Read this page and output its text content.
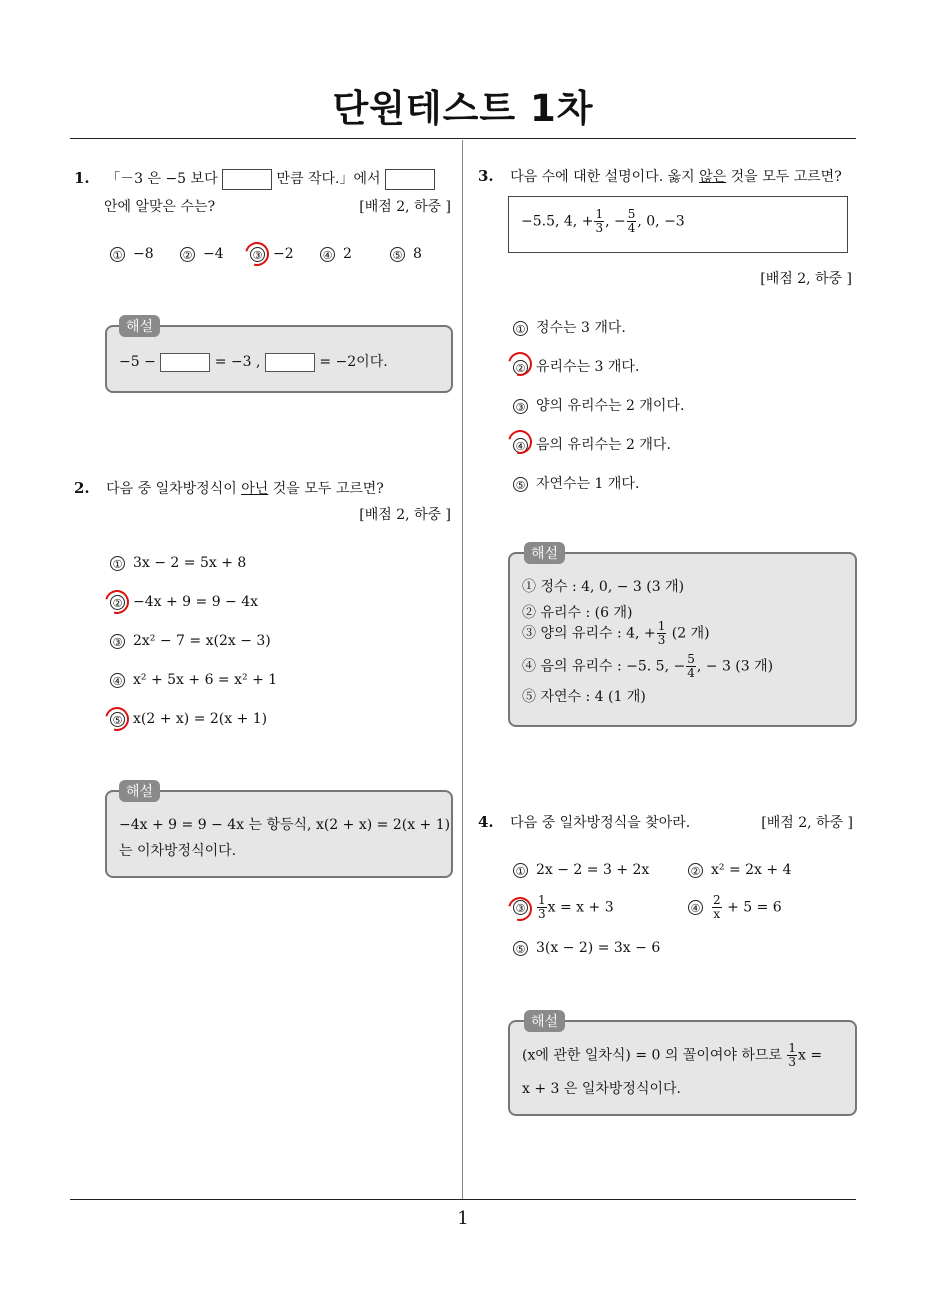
단원테스트 1차
1. 「－3 은 −5 보다	만큼 작다.」에서
안에 알맞은 수는?	[배점 2, 하중 ]
① −8	② −4	③ −2	④ 2	⑤ 8
해설
−5 −	= −3 ,	= −2이다.
2. 다음 중 일차방정식이 아닌 것을 모두 고르면?
[배점 2, 하중 ]
① 3x − 2 = 5x + 8
② −4x + 9 = 9 − 4x
③ 2x² − 7 = x(2x − 3)
④ x² + 5x + 6 = x² + 1
⑤ x(2 + x) = 2(x + 1)
해설
−4x + 9 = 9 − 4x 는 항등식, x(2 + x) = 2(x + 1)
는 이차방정식이다.
3. 다음 수에 대한 설명이다. 옳지 않은 것을 모두 고르면?
−5.5, 4, + $\frac{1}{3}$ , − $\frac{5}{4}$ , 0, −3
[배점 2, 하중 ]
① 정수는 3 개다.
② 유리수는 3 개다.
③ 양의 유리수는 2 개이다.
④ 음의 유리수는 2 개다.
⑤ 자연수는 1 개다.
해설
① 정수 : 4, 0, − 3 (3 개)
② 유리수 : (6 개)
③ 양의 유리수 : 4, + $\frac{1}{3} (2$ 개)
④ 음의 유리수 : −5. 5, − $\frac{5}{4}$ , − 3 (3 개)
⑤ 자연수 : 4 (1 개)
4. 다음 중 일차방정식을 찾아라.	[배점 2, 하중 ]
① 2x − 2 = 3 + 2x	② x² = 2x + 4
③ $\frac{1}{3}$ x = x + 3	④ $\frac{2}{x} + 5 = 6$
⑤ 3(x − 2) = 3x − 6
해설
(x에 관한 일차식) = 0 의 꼴이여야 하므로 $\frac{1}{3}$ x =
x + 3 은 일차방정식이다.
1
